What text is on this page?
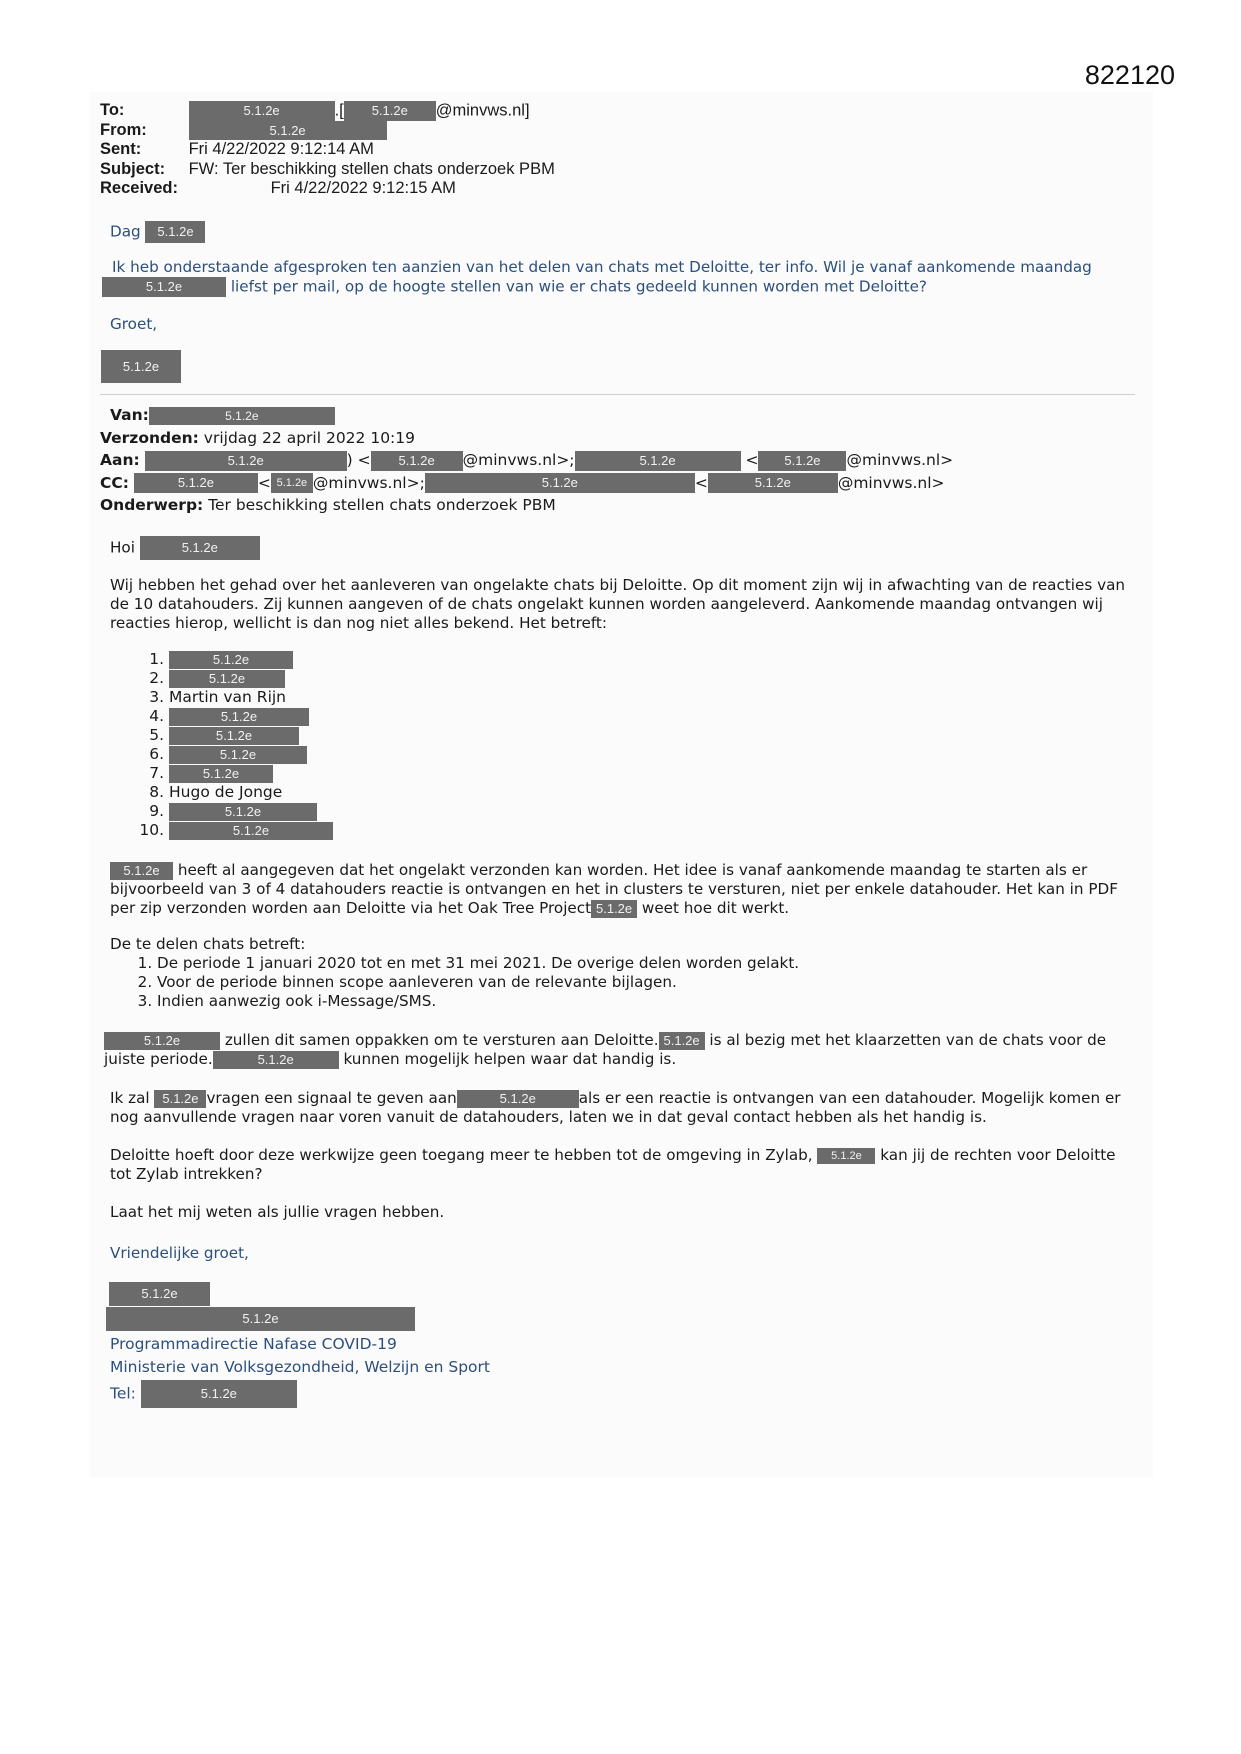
822120
To:	5.1.2e	.[ 5.1.2e @minvws.nl]
From:	5.1.2e
Sent:	Fri 4/22/2022 9:12:14 AM
Subject: FW: Ter beschikking stellen chats onderzoek PBM
Received:	Fri 4/22/2022 9:12:15 AM
Dag 5.1.2e

Ik heb onderstaande afgesproken ten aanzien van het delen van chats met Deloitte, ter info. Wil je vanaf aankomende maandag

5.1.2e	liefst per mail, op de hoogte stellen van wie er chats gedeeld kunnen worden met Deloitte?

Groet,
5.1.2e
Van:	5.1.2e
Verzonden: vrijdag 22 april 2022 10:19
Aan:	5.1.2e	) < 5.1.2e @minvws.nl>;	5.1.2e	< 5.1.2e @minvws.nl>
CC:	5.1.2e	< 5.1.2e @minvws.nl>;	5.1.2e	<	5.1.2e	@minvws.nl>
Onderwerp: Ter beschikking stellen chats onderzoek PBM
Hoi	5.1.2e

Wij hebben het gehad over het aanleveren van ongelakte chats bij Deloitte. Op dit moment zijn wij in afwachting van de reacties van de 10 datahouders. Zij kunnen aangeven of de chats ongelakt kunnen worden aangeleverd. Aankomende maandag ontvangen wij reacties hierop, wellicht is dan nog niet alles bekend. Het betreft:

1. 5.1.2e
2. 5.1.2e
3. Martin van Rijn
4. 5.1.2e
5. 5.1.2e
6. 5.1.2e
7. 5.1.2e
8. Hugo de Jonge
9. 5.1.2e
10. 5.1.2e

5.1.2e heeft al aangegeven dat het ongelakt verzonden kan worden. Het idee is vanaf aankomende maandag te starten als er bijvoorbeeld van 3 of 4 datahouders reactie is ontvangen en het in clusters te versturen, niet per enkele datahouder. Het kan in PDF per zip verzonden worden aan Deloitte via het Oak Tree Project 5.1.2e weet hoe dit werkt.

De te delen chats betreft:
1. De periode 1 januari 2020 tot en met 31 mei 2021. De overige delen worden gelakt.
2. Voor de periode binnen scope aanleveren van de relevante bijlagen.
3. Indien aanwezig ook i-Message/SMS.

5.1.2e	zullen dit samen oppakken om te versturen aan Deloitte. 5.1.2e is al bezig met het klaarzetten van de chats voor de juiste periode.	5.1.2e	kunnen mogelijk helpen waar dat handig is.

Ik zal 5.1.2e vragen een signaal te geven aan	5.1.2e	als er een reactie is ontvangen van een datahouder. Mogelijk komen er nog aanvullende vragen naar voren vanuit de datahouders, laten we in dat geval contact hebben als het handig is.

Deloitte hoeft door deze werkwijze geen toegang meer te hebben tot de omgeving in Zylab, 5.1.2e kan jij de rechten voor Deloitte tot Zylab intrekken?

Laat het mij weten als jullie vragen hebben.

Vriendelijke groet,
5.1.2e
5.1.2e
Programmadirectie Nafase COVID-19
Ministerie van Volksgezondheid, Welzijn en Sport
Tel:	5.1.2e
